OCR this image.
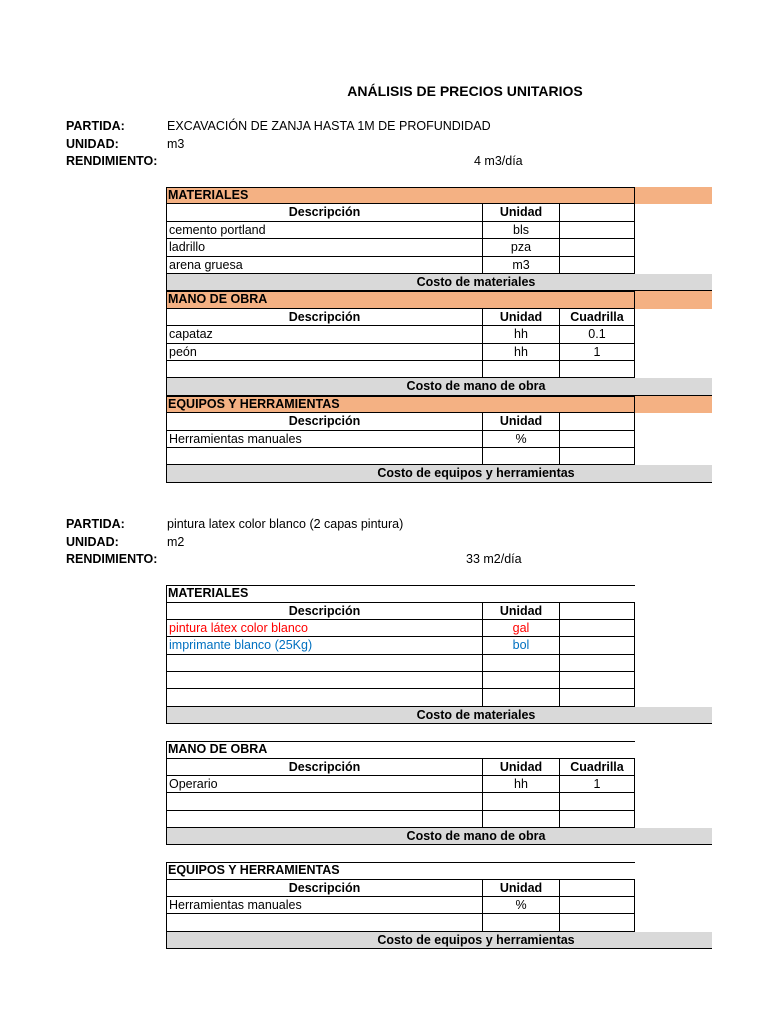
ANÁLISIS DE PRECIOS UNITARIOS
PARTIDA:	EXCAVACIÓN DE ZANJA HASTA 1M DE PROFUNDIDAD
UNIDAD:	m3
RENDIMIENTO:	4 m3/día
MATERIALES
Descripción	Unidad
cemento portland	bls
ladrillo	pza
arena gruesa	m3
Costo de materiales
MANO DE OBRA
Descripción	Unidad	Cuadrilla
capataz	hh	0.1
peón	hh	1
Costo de mano de obra
EQUIPOS Y HERRAMIENTAS
Descripción	Unidad
Herramientas manuales	%
Costo de equipos y herramientas
PARTIDA:	pintura latex color blanco (2 capas pintura)
UNIDAD:	m2
RENDIMIENTO:	33 m2/día
MATERIALES
Descripción	Unidad
pintura látex color blanco	gal
imprimante blanco (25Kg)	bol
Costo de materiales
MANO DE OBRA
Descripción	Unidad	Cuadrilla
Operario	hh	1
Costo de mano de obra
EQUIPOS Y HERRAMIENTAS
Descripción	Unidad
Herramientas manuales	%
Costo de equipos y herramientas
